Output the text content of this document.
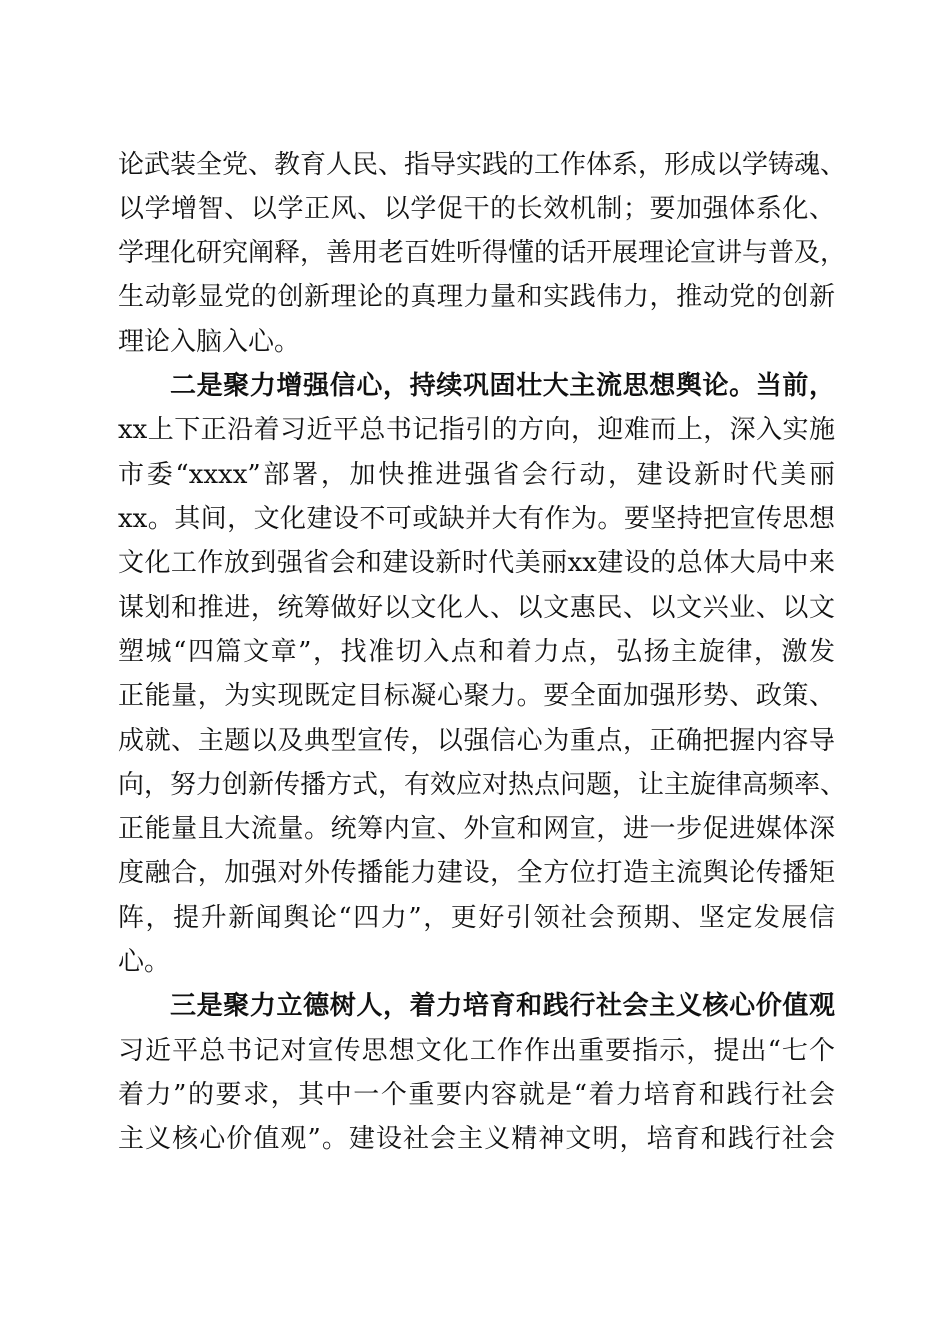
论武装全党、教育人民、指导实践的工作体系，形成以学铸魂、
以学增智、以学正风、以学促干的长效机制；要加强体系化、
学理化研究阐释，善用老百姓听得懂的话开展理论宣讲与普及，
生动彰显党的创新理论的真理力量和实践伟力，推动党的创新
理论入脑入心。
二是聚力增强信心，持续巩固壮大主流思想舆论。当前，
xx上下正沿着习近平总书记指引的方向，迎难而上，深入实施
市委“xxxx”部署，加快推进强省会行动，建设新时代美丽
xx。其间，文化建设不可或缺并大有作为。要坚持把宣传思想
文化工作放到强省会和建设新时代美丽xx建设的总体大局中来
谋划和推进，统筹做好以文化人、以文惠民、以文兴业、以文
塑城“四篇文章”，找准切入点和着力点，弘扬主旋律，激发
正能量，为实现既定目标凝心聚力。要全面加强形势、政策、
成就、主题以及典型宣传，以强信心为重点，正确把握内容导
向，努力创新传播方式，有效应对热点问题，让主旋律高频率、
正能量且大流量。统筹内宣、外宣和网宣，进一步促进媒体深
度融合，加强对外传播能力建设，全方位打造主流舆论传播矩
阵，提升新闻舆论“四力”，更好引领社会预期、坚定发展信
心。
三是聚力立德树人，着力培育和践行社会主义核心价值观
习近平总书记对宣传思想文化工作作出重要指示，提出“七个
着力”的要求，其中一个重要内容就是“着力培育和践行社会
主义核心价值观”。建设社会主义精神文明，培育和践行社会
